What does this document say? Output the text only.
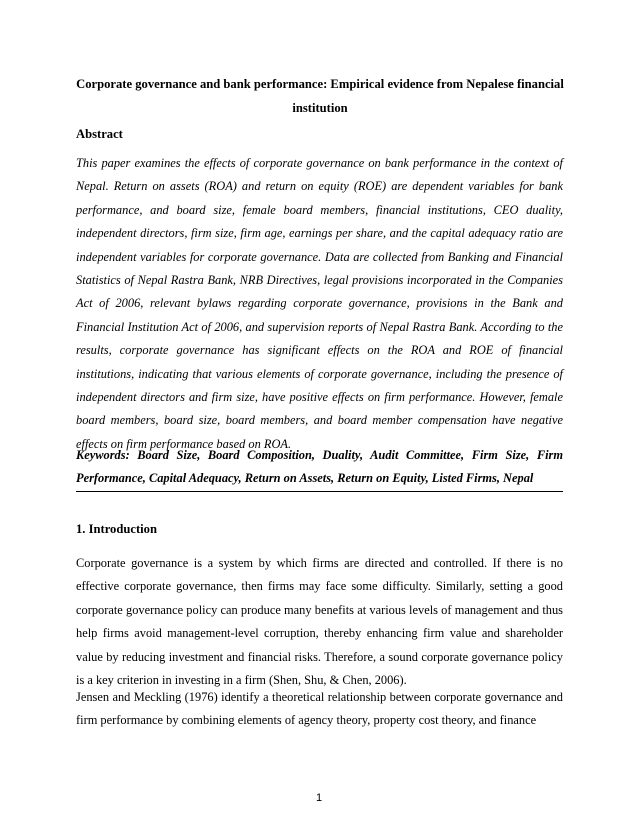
Corporate governance and bank performance: Empirical evidence from Nepalese financial institution
Abstract
This paper examines the effects of corporate governance on bank performance in the context of Nepal. Return on assets (ROA) and return on equity (ROE) are dependent variables for bank performance, and board size, female board members, financial institutions, CEO duality, independent directors, firm size, firm age, earnings per share, and the capital adequacy ratio are independent variables for corporate governance. Data are collected from Banking and Financial Statistics of Nepal Rastra Bank, NRB Directives, legal provisions incorporated in the Companies Act of 2006, relevant bylaws regarding corporate governance, provisions in the Bank and Financial Institution Act of 2006, and supervision reports of Nepal Rastra Bank. According to the results, corporate governance has significant effects on the ROA and ROE of financial institutions, indicating that various elements of corporate governance, including the presence of independent directors and firm size, have positive effects on firm performance. However, female board members, board size, board members, and board member compensation have negative effects on firm performance based on ROA.
Keywords: Board Size, Board Composition, Duality, Audit Committee, Firm Size, Firm Performance, Capital Adequacy, Return on Assets, Return on Equity, Listed Firms, Nepal
1. Introduction
Corporate governance is a system by which firms are directed and controlled. If there is no effective corporate governance, then firms may face some difficulty. Similarly, setting a good corporate governance policy can produce many benefits at various levels of management and thus help firms avoid management-level corruption, thereby enhancing firm value and shareholder value by reducing investment and financial risks. Therefore, a sound corporate governance policy is a key criterion in investing in a firm (Shen, Shu, & Chen, 2006).
Jensen and Meckling (1976) identify a theoretical relationship between corporate governance and firm performance by combining elements of agency theory, property cost theory, and finance
1
